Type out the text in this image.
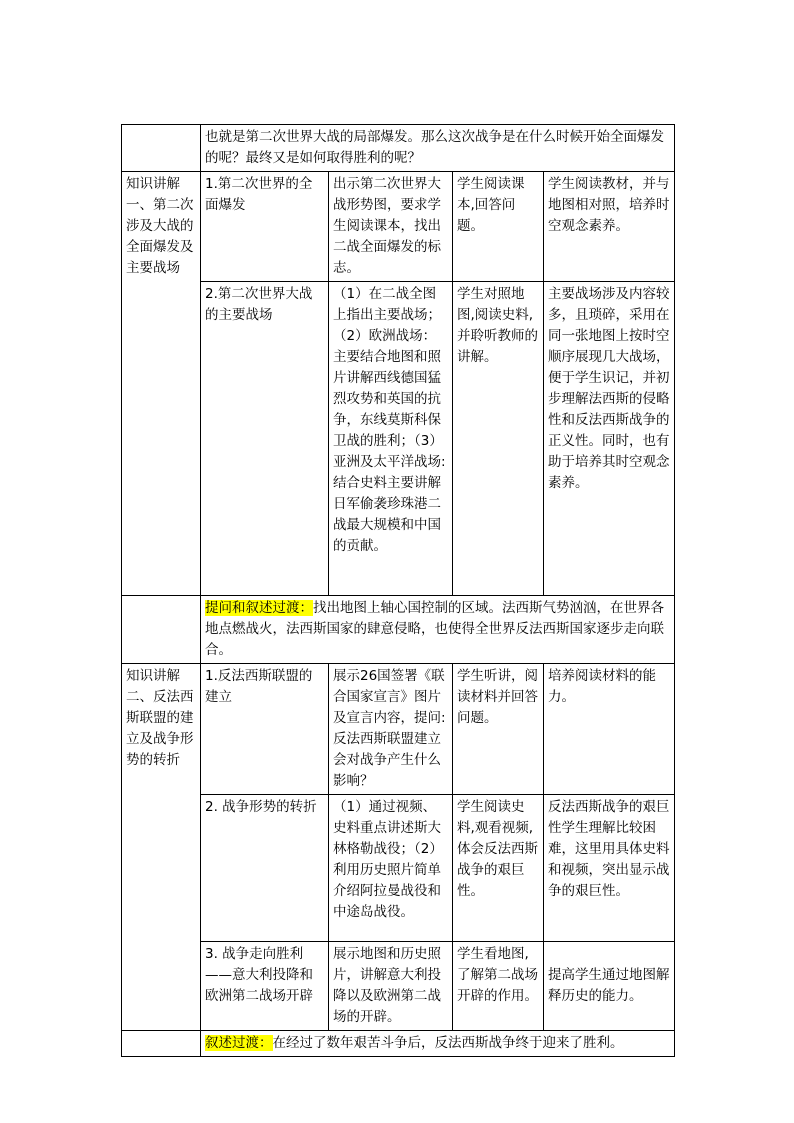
	也就是第二次世界大战的局部爆发。那么这次战争是在什么时候开始全面爆发的呢？最终又是如何取得胜利的呢？			
知识讲解一、第二次涉及大战的全面爆发及主要战场	1.第二次世界的全面爆发	出示第二次世界大战形势图，要求学生阅读课本，找出二战全面爆发的标志。	学生阅读课本,回答问题。	学生阅读教材，并与地图相对照，培养时空观念素养。
	2.第二次世界大战的主要战场	（1）在二战全图上指出主要战场；（2）欧洲战场：主要结合地图和照片讲解西线德国猛烈攻势和英国的抗争，东线莫斯科保卫战的胜利；（3）亚洲及太平洋战场: 结合史料主要讲解日军偷袭珍珠港二战最大规模和中国的贡献。	学生对照地图,阅读史料,并聆听教师的讲解。	主要战场涉及内容较多，且琐碎，采用在同一张地图上按时空顺序展现几大战场，便于学生识记，并初步理解法西斯的侵略性和反法西斯战争的正义性。同时，也有助于培养其时空观念素养。
	提问和叙述过渡：找出地图上轴心国控制的区域。法西斯气势汹汹，在世界各地点燃战火，法西斯国家的肆意侵略，也使得全世界反法西斯国家逐步走向联合。			
知识讲解二、反法西斯联盟的建立及战争形势的转折	1.反法西斯联盟的建立	展示26国签署《联合国家宣言》图片及宣言内容，提问: 反法西斯联盟建立会对战争产生什么影响？	学生听讲，阅读材料并回答问题。	培养阅读材料的能力。
	2. 战争形势的转折	（1）通过视频、史料重点讲述斯大林格勒战役；（2）利用历史照片简单介绍阿拉曼战役和中途岛战役。	学生阅读史料,观看视频,体会反法西斯战争的艰巨性。	反法西斯战争的艰巨性学生理解比较困难，这里用具体史料和视频，突出显示战争的艰巨性。
	3. 战争走向胜利——意大利投降和欧洲第二战场开辟	展示地图和历史照片，讲解意大利投降以及欧洲第二战场的开辟。	学生看地图,了解第二战场开辟的作用。	提高学生通过地图解释历史的能力。
	叙述过渡：在经过了数年艰苦斗争后，反法西斯战争终于迎来了胜利。			
